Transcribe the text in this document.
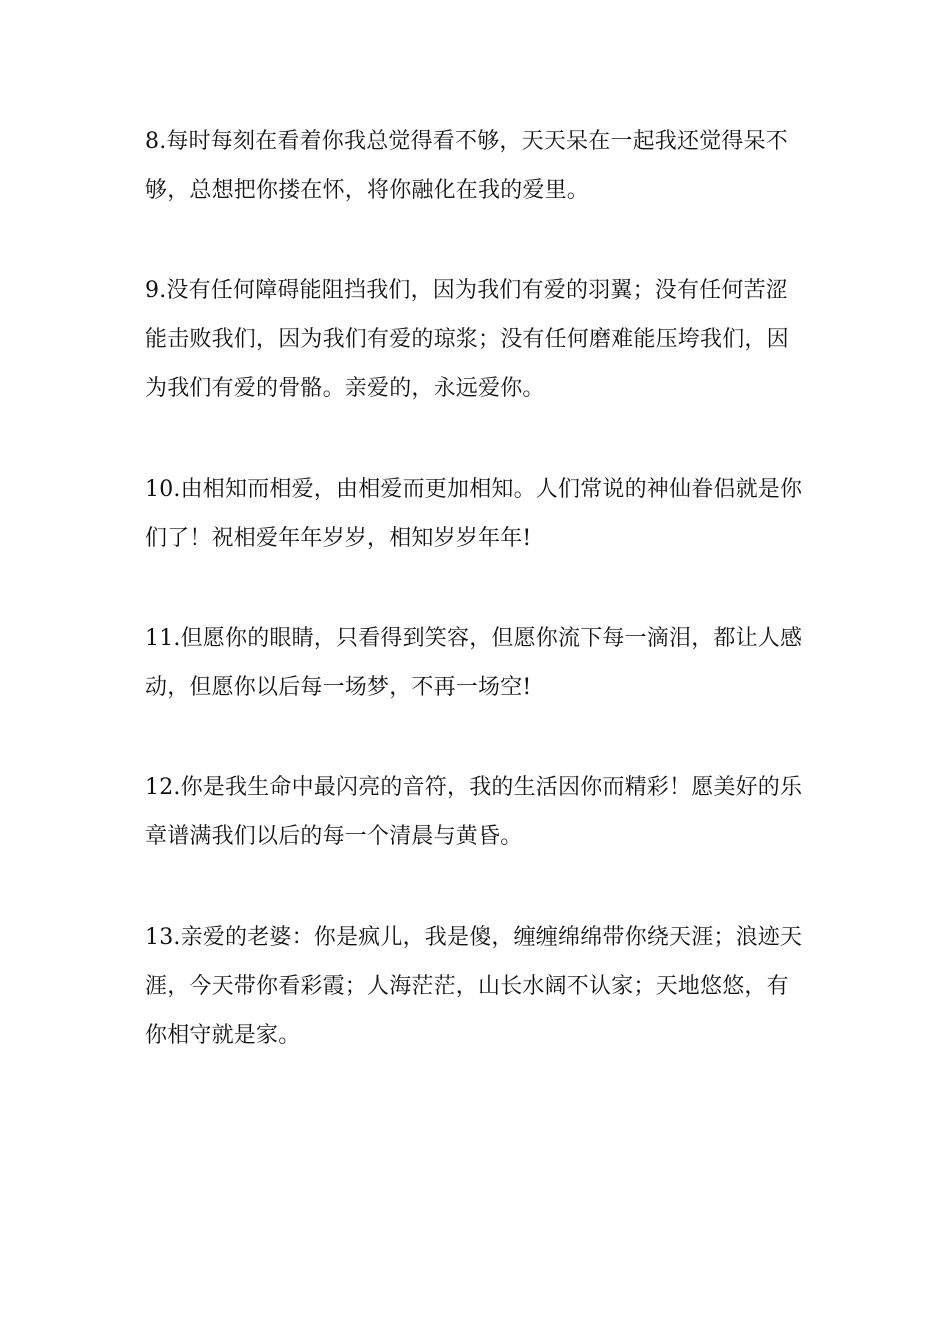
8.每时每刻在看着你我总觉得看不够，天天呆在一起我还觉得呆不
够，总想把你搂在怀，将你融化在我的爱里。

9.没有任何障碍能阻挡我们，因为我们有爱的羽翼；没有任何苦涩
能击败我们，因为我们有爱的琼浆；没有任何磨难能压垮我们，因
为我们有爱的骨骼。亲爱的，永远爱你。

10.由相知而相爱，由相爱而更加相知。人们常说的神仙眷侣就是你
们了！祝相爱年年岁岁，相知岁岁年年!

11.但愿你的眼睛，只看得到笑容，但愿你流下每一滴泪，都让人感
动，但愿你以后每一场梦，不再一场空!

12.你是我生命中最闪亮的音符，我的生活因你而精彩！愿美好的乐
章谱满我们以后的每一个清晨与黄昏。

13.亲爱的老婆：你是疯儿，我是傻，缠缠绵绵带你绕天涯；浪迹天
涯，今天带你看彩霞；人海茫茫，山长水阔不认家；天地悠悠，有
你相守就是家。
